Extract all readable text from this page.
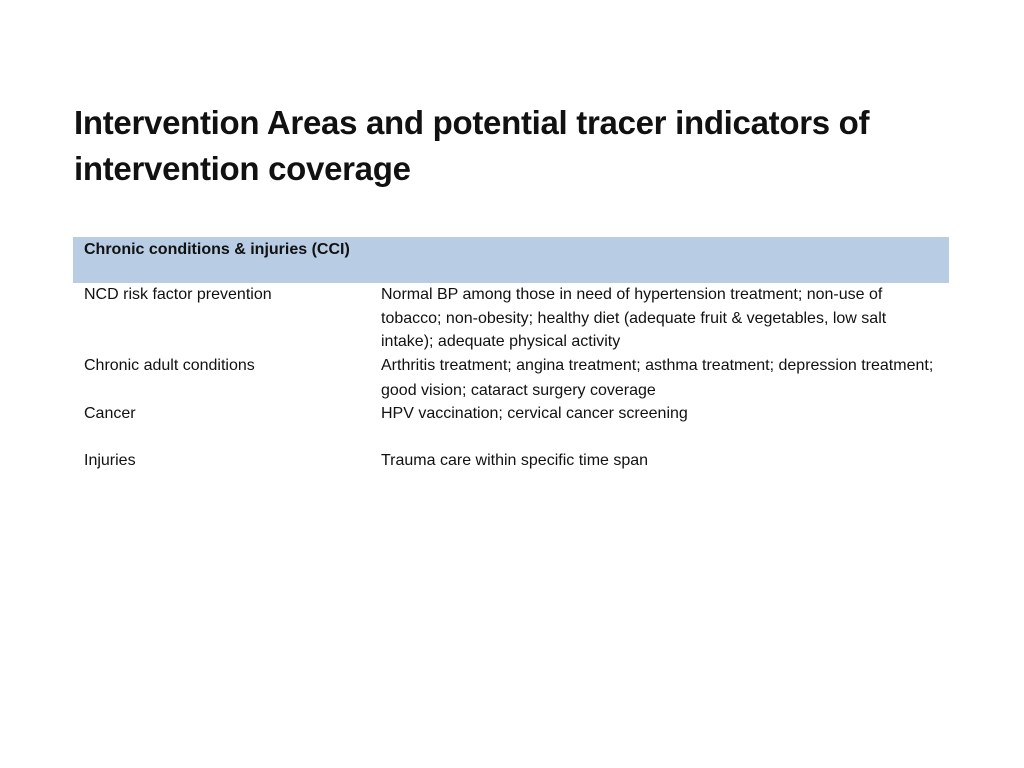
Intervention Areas and potential tracer indicators of intervention coverage
Chronic conditions & injuries (CCI)
NCD risk factor prevention	Normal BP among those in need of hypertension treatment; non-use of tobacco; non-obesity; healthy diet (adequate fruit & vegetables, low salt intake); adequate physical activity
Chronic adult conditions	Arthritis treatment; angina treatment; asthma treatment; depression treatment; good vision; cataract surgery coverage
Cancer	HPV vaccination; cervical cancer screening
Injuries	Trauma care within specific time span
